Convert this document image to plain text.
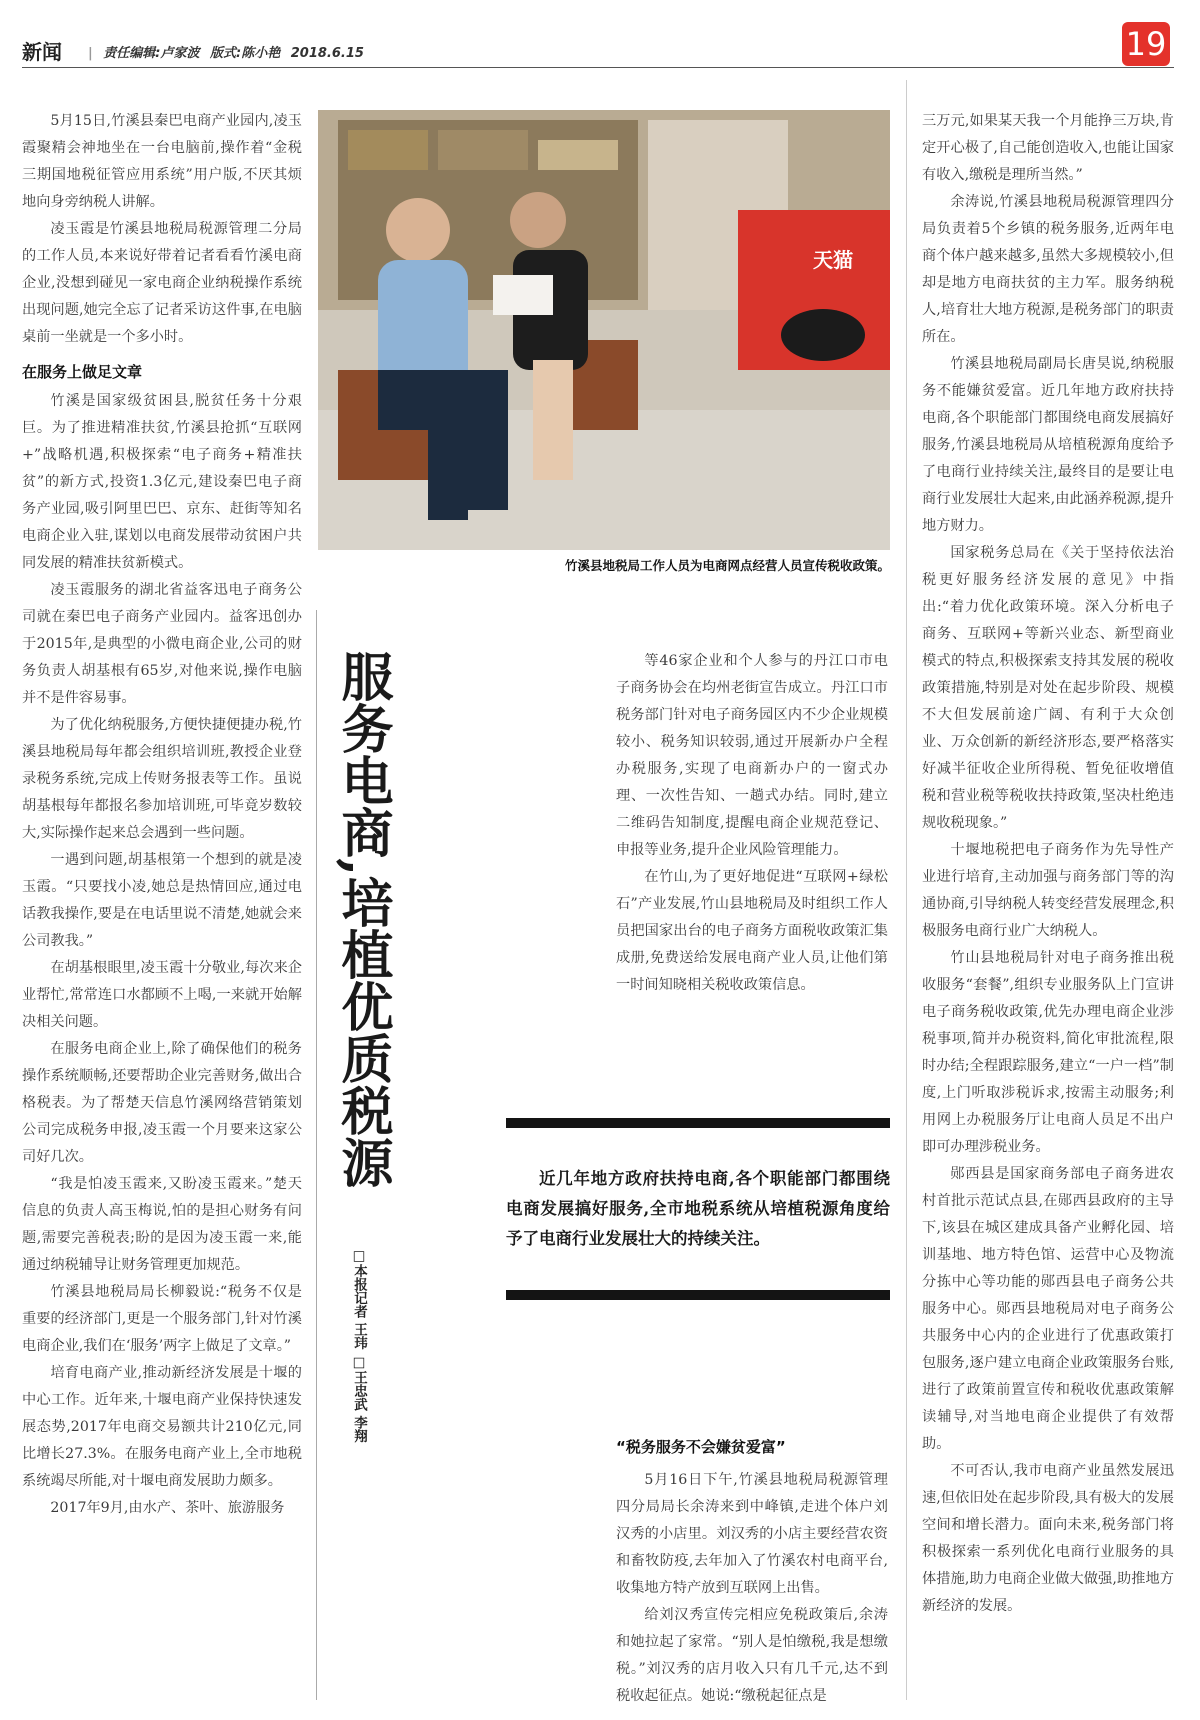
新闻 | 责任编辑:卢家波 版式:陈小艳 2018.6.15	19

5月15日,竹溪县秦巴电商产业园内,凌玉霞聚精会神地坐在一台电脑前,操作着“金税三期国地税征管应用系统”用户版,不厌其烦地向身旁纳税人讲解。

凌玉霞是竹溪县地税局税源管理二分局的工作人员,本来说好带着记者看看竹溪电商企业,没想到碰见一家电商企业纳税操作系统出现问题,她完全忘了记者采访这件事,在电脑桌前一坐就是一个多小时。

在服务上做足文章

竹溪是国家级贫困县,脱贫任务十分艰巨。为了推进精准扶贫,竹溪县抢抓“互联网+”战略机遇,积极探索“电子商务+精准扶贫”的新方式,投资1.3亿元,建设秦巴电子商务产业园,吸引阿里巴巴、京东、赶街等知名电商企业入驻,谋划以电商发展带动贫困户共同发展的精准扶贫新模式。

凌玉霞服务的湖北省益客迅电子商务公司就在秦巴电子商务产业园内。益客迅创办于2015年,是典型的小微电商企业,公司的财务负责人胡基根有65岁,对他来说,操作电脑并不是件容易事。

为了优化纳税服务,方便快捷便捷办税,竹溪县地税局每年都会组织培训班,教授企业登录税务系统,完成上传财务报表等工作。虽说胡基根每年都报名参加培训班,可毕竟岁数较大,实际操作起来总会遇到一些问题。

一遇到问题,胡基根第一个想到的就是凌玉霞。“只要找小凌,她总是热情回应,通过电话教我操作,要是在电话里说不清楚,她就会来公司教我。”

在胡基根眼里,凌玉霞十分敬业,每次来企业帮忙,常常连口水都顾不上喝,一来就开始解决相关问题。

在服务电商企业上,除了确保他们的税务操作系统顺畅,还要帮助企业完善财务,做出合格税表。为了帮楚天信息竹溪网络营销策划公司完成税务申报,凌玉霞一个月要来这家公司好几次。

“我是怕凌玉霞来,又盼凌玉霞来。”楚天信息的负责人高玉梅说,怕的是担心财务有问题,需要完善税表;盼的是因为凌玉霞一来,能通过纳税辅导让财务管理更加规范。

竹溪县地税局局长柳毅说:“税务不仅是重要的经济部门,更是一个服务部门,针对竹溪电商企业,我们在‘服务’两字上做足了文章。”

培育电商产业,推动新经济发展是十堰的中心工作。近年来,十堰电商产业保持快速发展态势,2017年电商交易额共计210亿元,同比增长27.3%。在服务电商产业上,全市地税系统竭尽所能,对十堰电商发展助力颇多。

2017年9月,由水产、茶叶、旅游服务

天猫
竹溪县地税局工作人员为电商网点经营人员宣传税收政策。
服务电商,培植优质税源
□本报记者 王玮 □王忠武 李翔
近几年地方政府扶持电商,各个职能部门都围绕电商发展搞好服务,全市地税系统从培植税源角度给予了电商行业发展壮大的持续关注。

等46家企业和个人参与的丹江口市电子商务协会在均州老街宣告成立。丹江口市税务部门针对电子商务园区内不少企业规模较小、税务知识较弱,通过开展新办户全程办税服务,实现了电商新办户的一窗式办理、一次性告知、一趟式办结。同时,建立二维码告知制度,提醒电商企业规范登记、申报等业务,提升企业风险管理能力。

在竹山,为了更好地促进“互联网+绿松石”产业发展,竹山县地税局及时组织工作人员把国家出台的电子商务方面税收政策汇集成册,免费送给发展电商产业人员,让他们第一时间知晓相关税收政策信息。

“税务服务不会嫌贫爱富”

5月16日下午,竹溪县地税局税源管理四分局局长余涛来到中峰镇,走进个体户刘汉秀的小店里。刘汉秀的小店主要经营农资和畜牧防疫,去年加入了竹溪农村电商平台,收集地方特产放到互联网上出售。

给刘汉秀宣传完相应免税政策后,余涛和她拉起了家常。“别人是怕缴税,我是想缴税。”刘汉秀的店月收入只有几千元,达不到税收起征点。她说:“缴税起征点是

三万元,如果某天我一个月能挣三万块,肯定开心极了,自己能创造收入,也能让国家有收入,缴税是理所当然。”

余涛说,竹溪县地税局税源管理四分局负责着5个乡镇的税务服务,近两年电商个体户越来越多,虽然大多规模较小,但却是地方电商扶贫的主力军。服务纳税人,培育壮大地方税源,是税务部门的职责所在。

竹溪县地税局副局长唐昊说,纳税服务不能嫌贫爱富。近几年地方政府扶持电商,各个职能部门都围绕电商发展搞好服务,竹溪县地税局从培植税源角度给予了电商行业持续关注,最终目的是要让电商行业发展壮大起来,由此涵养税源,提升地方财力。

国家税务总局在《关于坚持依法治税更好服务经济发展的意见》中指出:“着力优化政策环境。深入分析电子商务、互联网+等新兴业态、新型商业模式的特点,积极探索支持其发展的税收政策措施,特别是对处在起步阶段、规模不大但发展前途广阔、有利于大众创业、万众创新的新经济形态,要严格落实好减半征收企业所得税、暂免征收增值税和营业税等税收扶持政策,坚决杜绝违规收税现象。”

十堰地税把电子商务作为先导性产业进行培育,主动加强与商务部门等的沟通协商,引导纳税人转变经营发展理念,积极服务电商行业广大纳税人。

竹山县地税局针对电子商务推出税收服务“套餐”,组织专业服务队上门宣讲电子商务税收政策,优先办理电商企业涉税事项,简并办税资料,简化审批流程,限时办结;全程跟踪服务,建立“一户一档”制度,上门听取涉税诉求,按需主动服务;利用网上办税服务厅让电商人员足不出户即可办理涉税业务。

郧西县是国家商务部电子商务进农村首批示范试点县,在郧西县政府的主导下,该县在城区建成具备产业孵化园、培训基地、地方特色馆、运营中心及物流分拣中心等功能的郧西县电子商务公共服务中心。郧西县地税局对电子商务公共服务中心内的企业进行了优惠政策打包服务,逐户建立电商企业政策服务台账,进行了政策前置宣传和税收优惠政策解读辅导,对当地电商企业提供了有效帮助。

不可否认,我市电商产业虽然发展迅速,但依旧处在起步阶段,具有极大的发展空间和增长潜力。面向未来,税务部门将积极探索一系列优化电商行业服务的具体措施,助力电商企业做大做强,助推地方新经济的发展。
